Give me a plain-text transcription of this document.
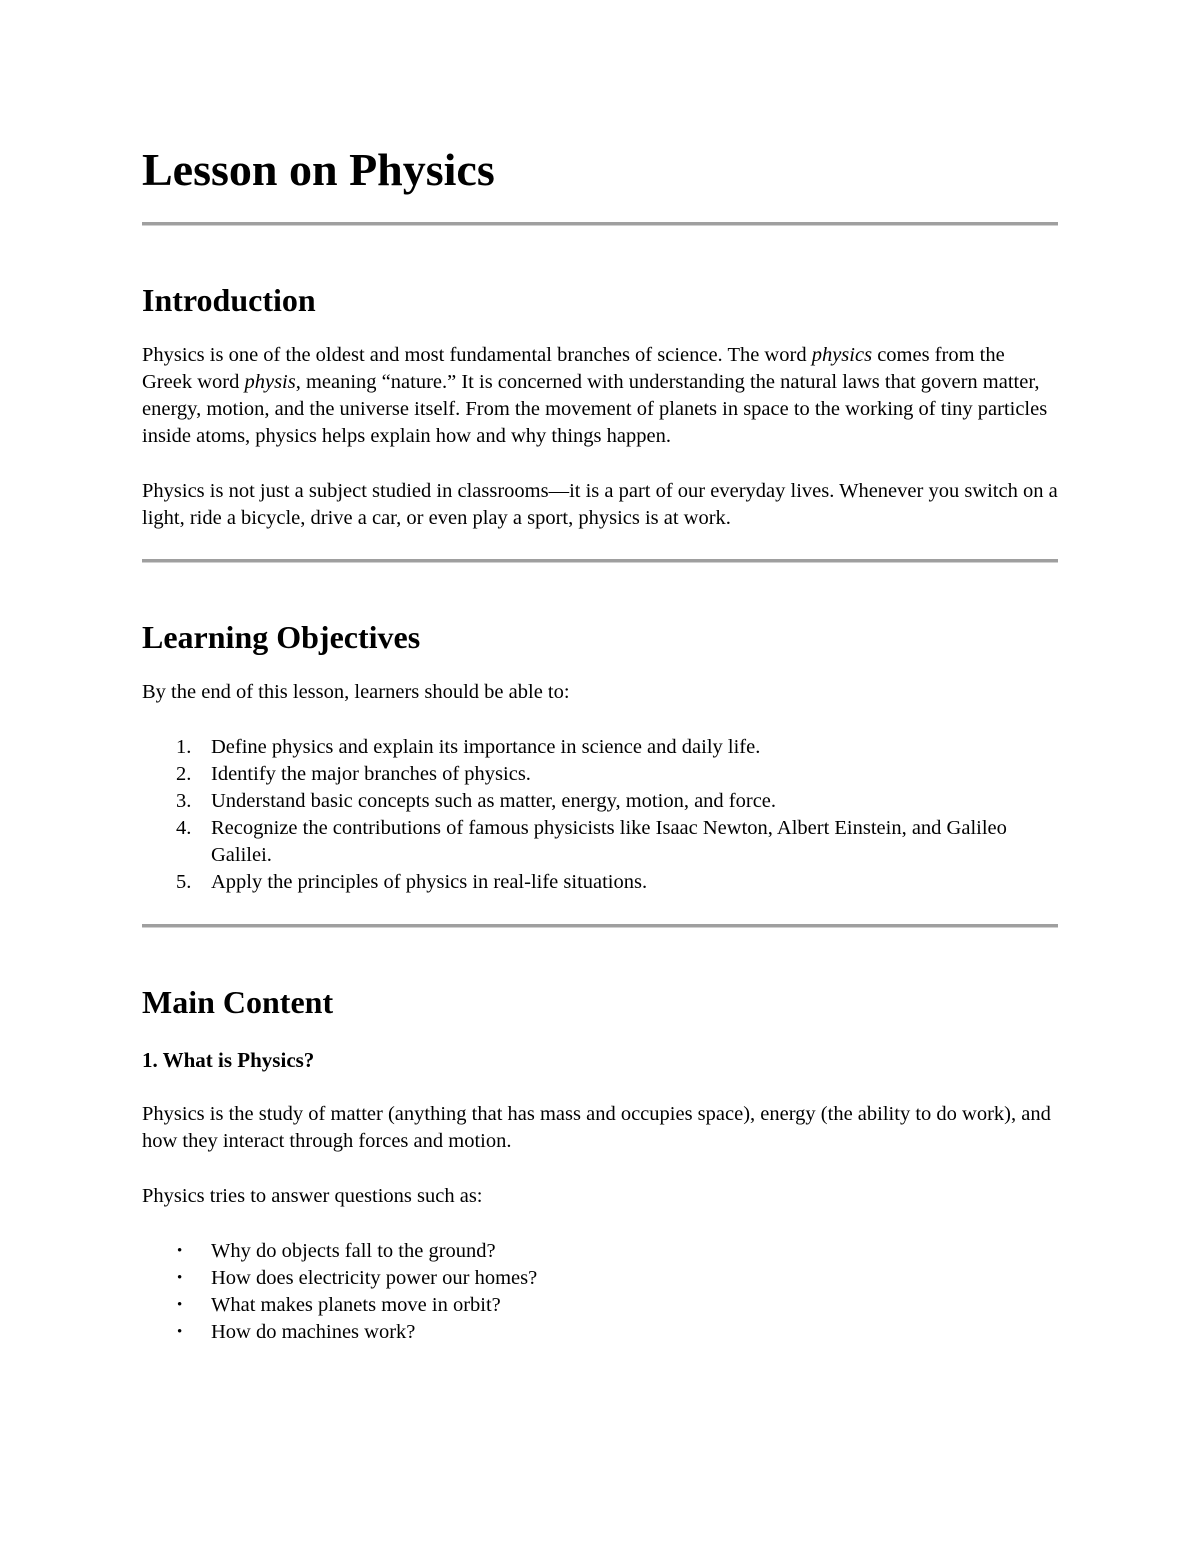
Lesson on Physics
Introduction

Physics is one of the oldest and most fundamental branches of science. The word physics comes from the Greek word physis, meaning “nature.” It is concerned with understanding the natural laws that govern matter, energy, motion, and the universe itself. From the movement of planets in space to the working of tiny particles inside atoms, physics helps explain how and why things happen.

Physics is not just a subject studied in classrooms—it is a part of our everyday lives. Whenever you switch on a light, ride a bicycle, drive a car, or even play a sport, physics is at work.

Learning Objectives

By the end of this lesson, learners should be able to:

1. Define physics and explain its importance in science and daily life.
2. Identify the major branches of physics.
3. Understand basic concepts such as matter, energy, motion, and force.
4. Recognize the contributions of famous physicists like Isaac Newton, Albert Einstein, and Galileo Galilei.
5. Apply the principles of physics in real-life situations.
Main Content
1. What is Physics?

Physics is the study of matter (anything that has mass and occupies space), energy (the ability to do work), and how they interact through forces and motion.

Physics tries to answer questions such as:

• Why do objects fall to the ground?
• How does electricity power our homes?
• What makes planets move in orbit?
• How do machines work?
